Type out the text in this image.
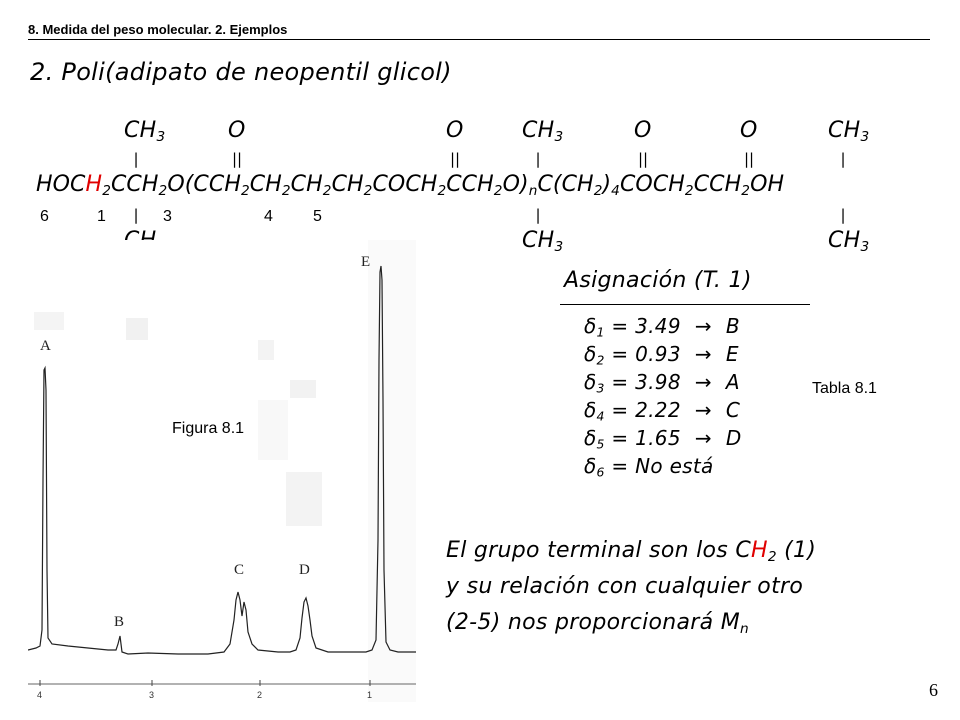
8. Medida del peso molecular. 2. Ejemplos
2. Poli(adipato de neopentil glicol)
$CH_3$	O	O	$CH_3$	O	O	$CH_3$
|	||	||	|	||	||	|
$HOCH_2CCH_2O(CCH_2CH_2CH_2CH_2COCH_2CCH_2O)_nC(CH_2)_4COCH_2CCH_2OH$
6	1	3	4	5
|	|	|
$CH_3$	$CH_3$
Asignación (T. 1)
$\delta_1 = 3.49 \to B$
$\delta_2 = 0.93 \to E$
$\delta_3 = 3.98 \to A$
$\delta_4 = 2.22 \to C$
$\delta_5 = 1.65 \to D$
$\delta_6 = No$ está
Tabla 8.1
A
B
C	D
E
4	3	2	1
Figura 8.1
El grupo terminal son los $CH_2$ (1)
y su relación con cualquier otro
(2-5) nos proporcionará $M_n$
6
